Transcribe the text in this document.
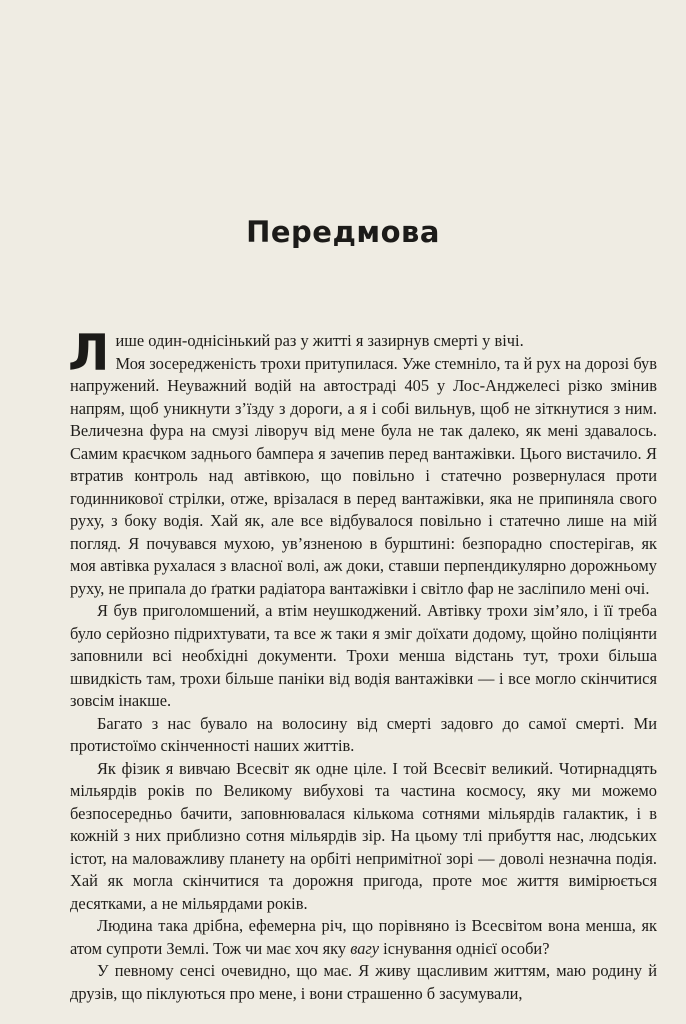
Передмова

Лише один-однісінький раз у житті я зазирнув смерті у вічі.

Моя зосередженість трохи притупилася. Уже стемніло, та й рух на дорозі був напружений. Неуважний водій на автостраді 405 у Лос-Анджелесі різко змінив напрям, щоб уникнути з’їзду з дороги, а я і собі вильнув, щоб не зіткнутися з ним. Величезна фура на смузі ліворуч від мене була не так далеко, як мені здавалось. Самим краєчком заднього бампера я зачепив перед вантажівки. Цього вистачило. Я втратив контроль над автівкою, що повільно і статечно розвернулася проти годинникової стрілки, отже, врізалася в перед вантажівки, яка не припиняла свого руху, з боку водія. Хай як, але все відбувалося повільно і статечно лише на мій погляд. Я почувався мухою, ув’язненою в бурштині: безпорадно спостерігав, як моя автівка рухалася з власної волі, аж доки, ставши перпендикулярно дорожньому руху, не припала до ґратки радіатора вантажівки і світло фар не засліпило мені очі.

Я був приголомшений, а втім неушкоджений. Автівку трохи зім’яло, і її треба було серйозно підрихтувати, та все ж таки я зміг доїхати додому, щойно поліціянти заповнили всі необхідні документи. Трохи менша відстань тут, трохи більша швидкість там, трохи більше паніки від водія вантажівки — і все могло скінчитися зовсім інакше.

Багато з нас бувало на волосину від смерті задовго до самої смерті. Ми протистоїмо скінченності наших життів.

Як фізик я вивчаю Всесвіт як одне ціле. І той Всесвіт великий. Чотирнадцять мільярдів років по Великому вибухові та частина космосу, яку ми можемо безпосередньо бачити, заповнювалася кількома сотнями мільярдів галактик, і в кожній з них приблизно сотня мільярдів зір. На цьому тлі прибуття нас, людських істот, на маловажливу планету на орбіті непримітної зорі — доволі незначна подія. Хай як могла скінчитися та дорожня пригода, проте моє життя вимірюється десятками, а не мільярдами років.

Людина така дрібна, ефемерна річ, що порівняно із Всесвітом вона менша, як атом супроти Землі. Тож чи має хоч яку вагу існування однієї особи?

У певному сенсі очевидно, що має. Я живу щасливим життям, маю родину й друзів, що піклуються про мене, і вони страшенно б засумували,
